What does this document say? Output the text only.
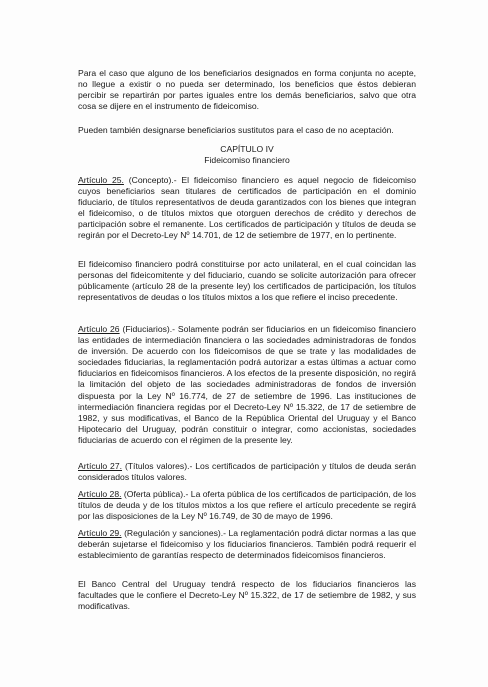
Para el caso que alguno de los beneficiarios designados en forma conjunta no acepte, no llegue a existir o no pueda ser determinado, los beneficios que éstos debieran percibir se repartirán por partes iguales entre los demás beneficiarios, salvo que otra cosa se dijere en el instrumento de fideicomiso.

Pueden también designarse beneficiarios sustitutos para el caso de no aceptación.

CAPÍTULO IV

Fideicomiso financiero

Artículo 25. (Concepto).- El fideicomiso financiero es aquel negocio de fideicomiso cuyos beneficiarios sean titulares de certificados de participación en el dominio fiduciario, de títulos representativos de deuda garantizados con los bienes que integran el fideicomiso, o de títulos mixtos que otorguen derechos de crédito y derechos de participación sobre el remanente. Los certificados de participación y títulos de deuda se regirán por el Decreto-Ley Nº 14.701, de 12 de setiembre de 1977, en lo pertinente.

El fideicomiso financiero podrá constituirse por acto unilateral, en el cual coincidan las personas del fideicomitente y del fiduciario, cuando se solicite autorización para ofrecer públicamente (artículo 28 de la presente ley) los certificados de participación, los títulos representativos de deudas o los títulos mixtos a los que refiere el inciso precedente.

Artículo 26 (Fiduciarios).- Solamente podrán ser fiduciarios en un fideicomiso financiero las entidades de intermediación financiera o las sociedades administradoras de fondos de inversión. De acuerdo con los fideicomisos de que se trate y las modalidades de sociedades fiduciarias, la reglamentación podrá autorizar a estas últimas a actuar como fiduciarios en fideicomisos financieros. A los efectos de la presente disposición, no regirá la limitación del objeto de las sociedades administradoras de fondos de inversión dispuesta por la Ley Nº 16.774, de 27 de setiembre de 1996. Las instituciones de intermediación financiera regidas por el Decreto-Ley Nº 15.322, de 17 de setiembre de 1982, y sus modificativas, el Banco de la República Oriental del Uruguay y el Banco Hipotecario del Uruguay, podrán constituir o integrar, como accionistas, sociedades fiduciarias de acuerdo con el régimen de la presente ley.

Artículo 27. (Títulos valores).- Los certificados de participación y títulos de deuda serán considerados títulos valores.

Artículo 28. (Oferta pública).- La oferta pública de los certificados de participación, de los títulos de deuda y de los títulos mixtos a los que refiere el artículo precedente se regirá por las disposiciones de la Ley Nº 16.749, de 30 de mayo de 1996.

Artículo 29. (Regulación y sanciones).- La reglamentación podrá dictar normas a las que deberán sujetarse el fideicomiso y los fiduciarios financieros. También podrá requerir el establecimiento de garantías respecto de determinados fideicomisos financieros.

El Banco Central del Uruguay tendrá respecto de los fiduciarios financieros las facultades que le confiere el Decreto-Ley Nº 15.322, de 17 de setiembre de 1982, y sus modificativas.
